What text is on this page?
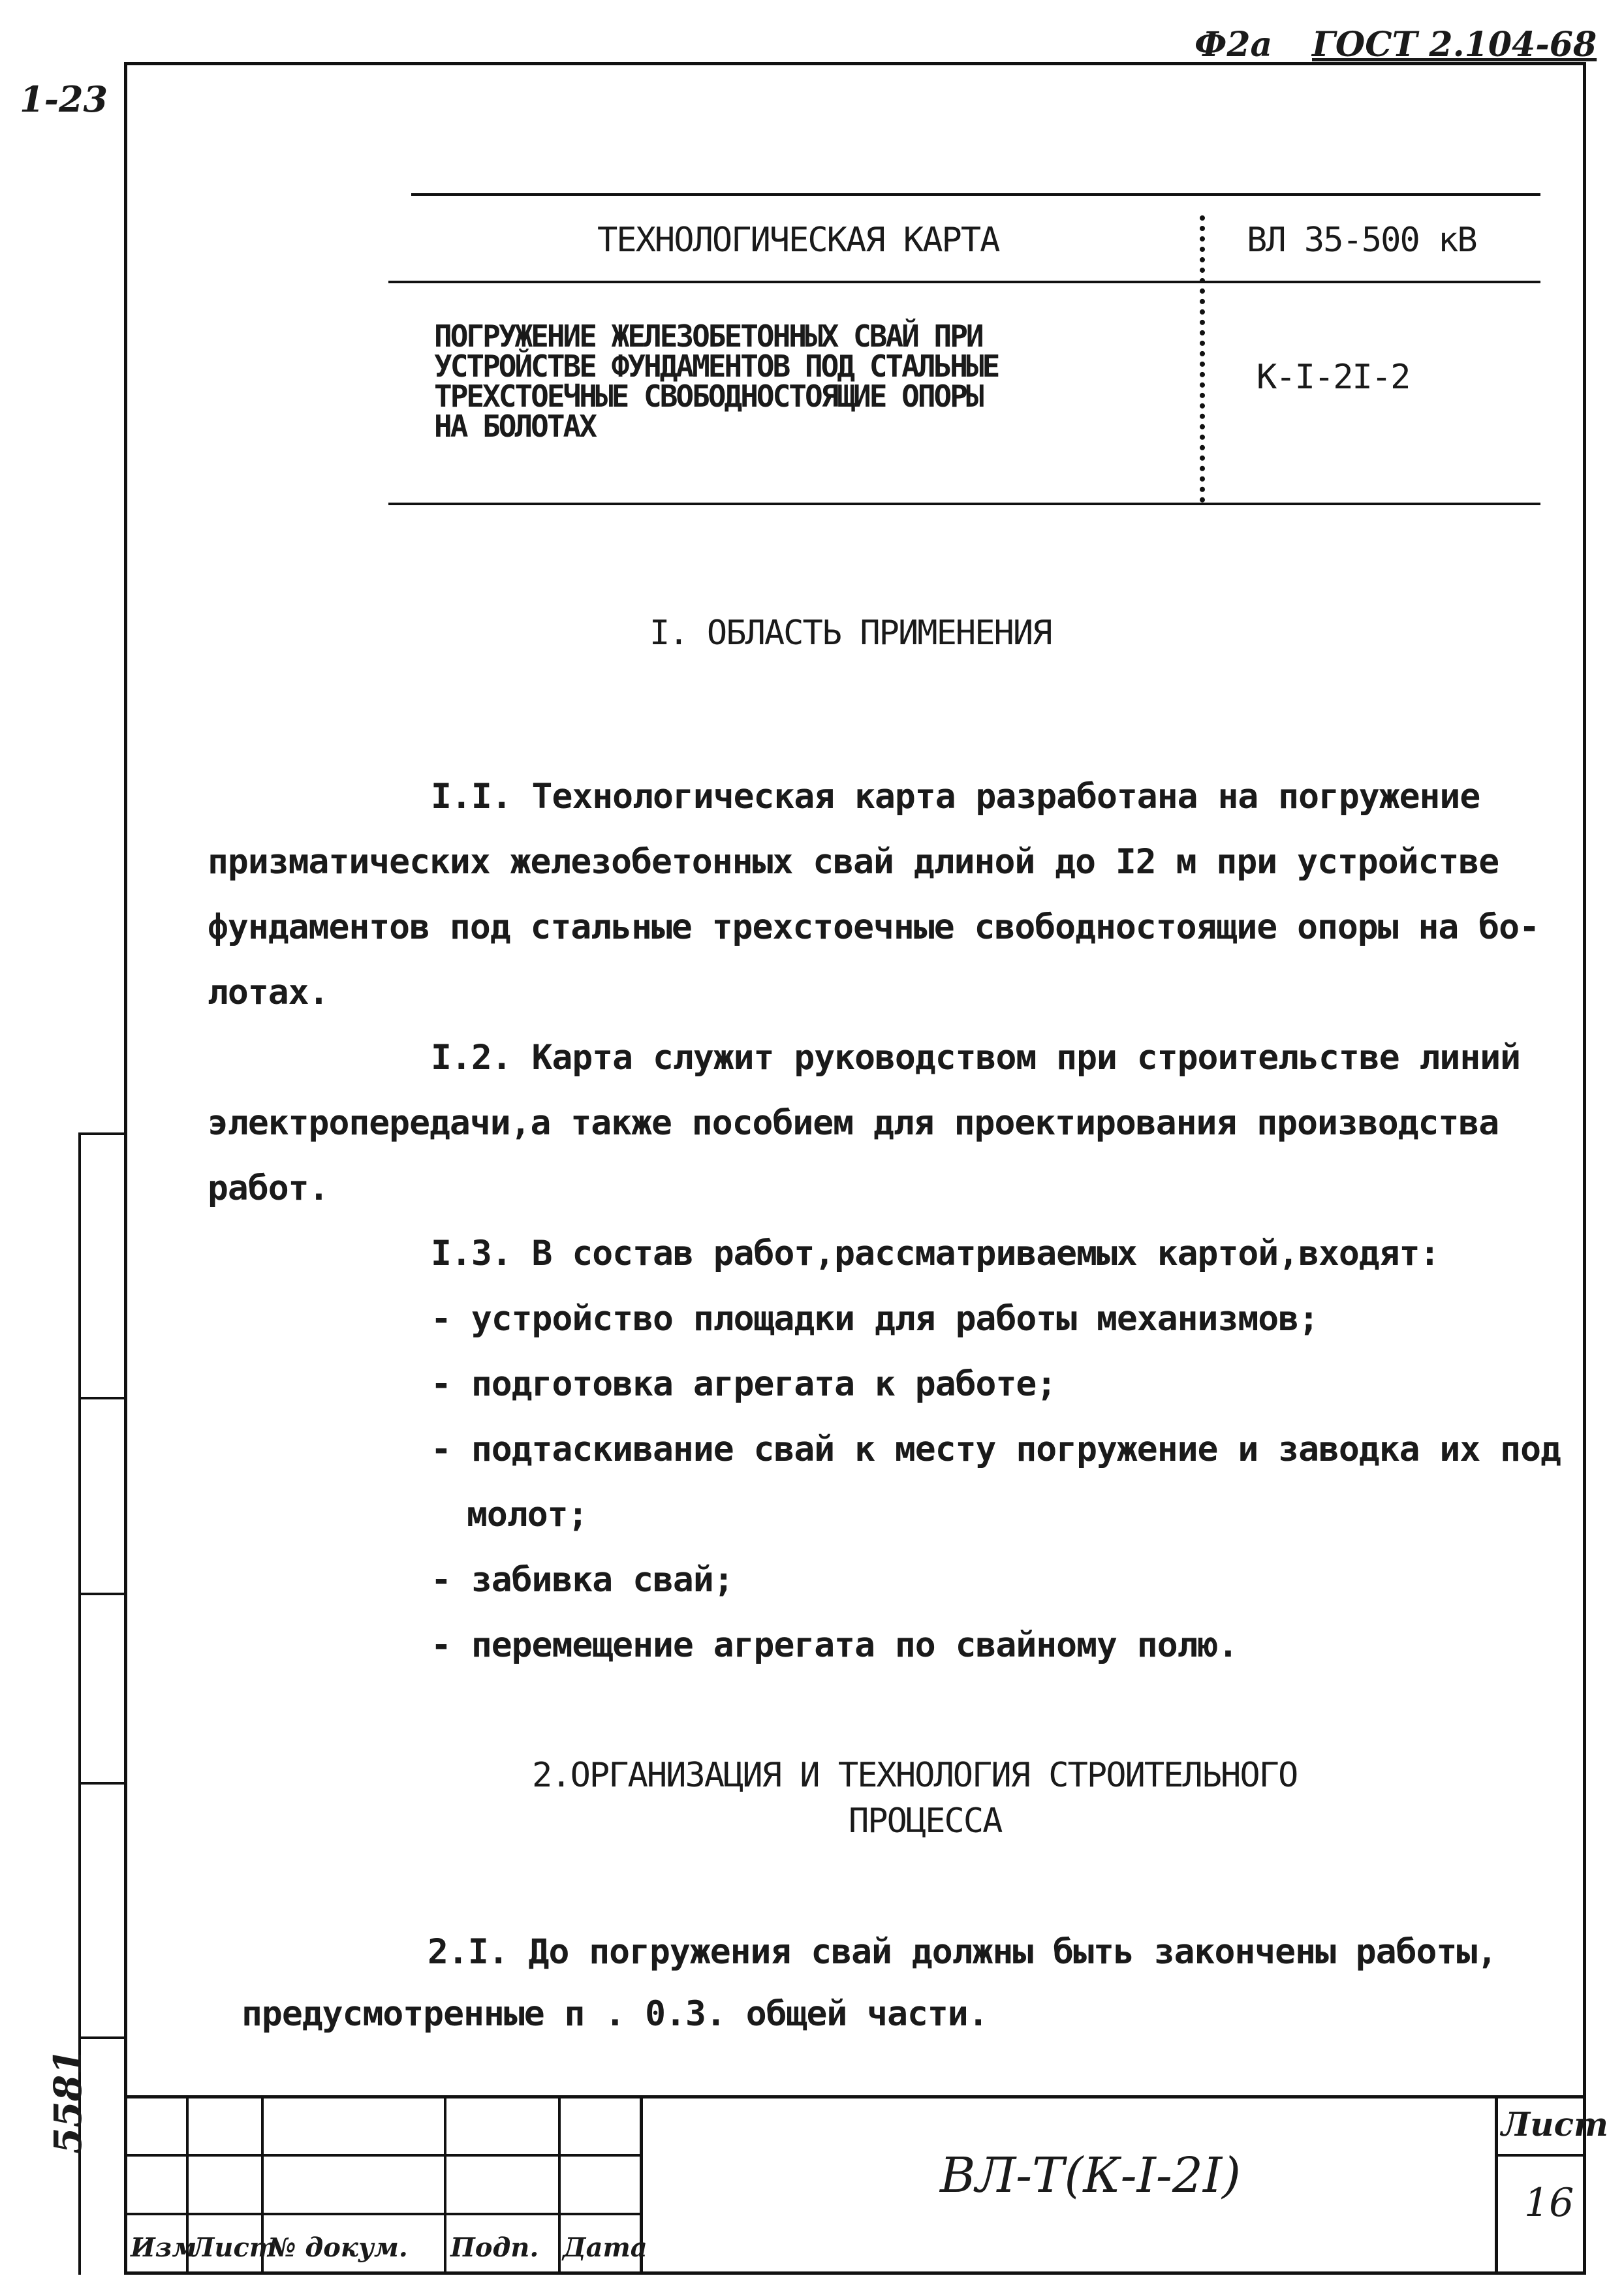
Ф2а ГОСТ 2.104-68
1-23
ТЕХНОЛОГИЧЕСКАЯ КАРТА	ВЛ 35-500 кВ
ПОГРУЖЕНИЕ ЖЕЛЕЗОБЕТОННЫХ СВАЙ ПРИ
УСТРОЙСТВЕ ФУНДАМЕНТОВ ПОД СТАЛЬНЫЕ
ТРЕХСТОЕЧНЫЕ СВОБОДНОСТОЯЩИЕ ОПОРЫ
НА БОЛОТАХ
К-I-2I-2
I. ОБЛАСТЬ ПРИМЕНЕНИЯ
I.I. Технологическая карта разработана на погружение
призматических железобетонных свай длиной до I2 м при устройстве
фундаментов под стальные трехстоечные свободностоящие опоры на бо-
лотах.
I.2. Карта служит руководством при строительстве линий
электропередачи,а также пособием для проектирования производства
работ.
I.3. В состав работ,рассматриваемых картой,входят:
- устройство площадки для работы механизмов;
- подготовка агрегата к работе;
- подтаскивание свай к месту погружение и заводка их под
молот;
- забивка свай;
- перемещение агрегата по свайному полю.
2.ОРГАНИЗАЦИЯ И ТЕХНОЛОГИЯ СТРОИТЕЛЬНОГО
ПРОЦЕССА
2.I. До погружения свай должны быть закончены работы,
предусмотренные п . 0.3. общей части.
5581
Изм
Лист
№ докум. Подп. Дата
ВЛ-Т(К-I-2I)
Лист
16
